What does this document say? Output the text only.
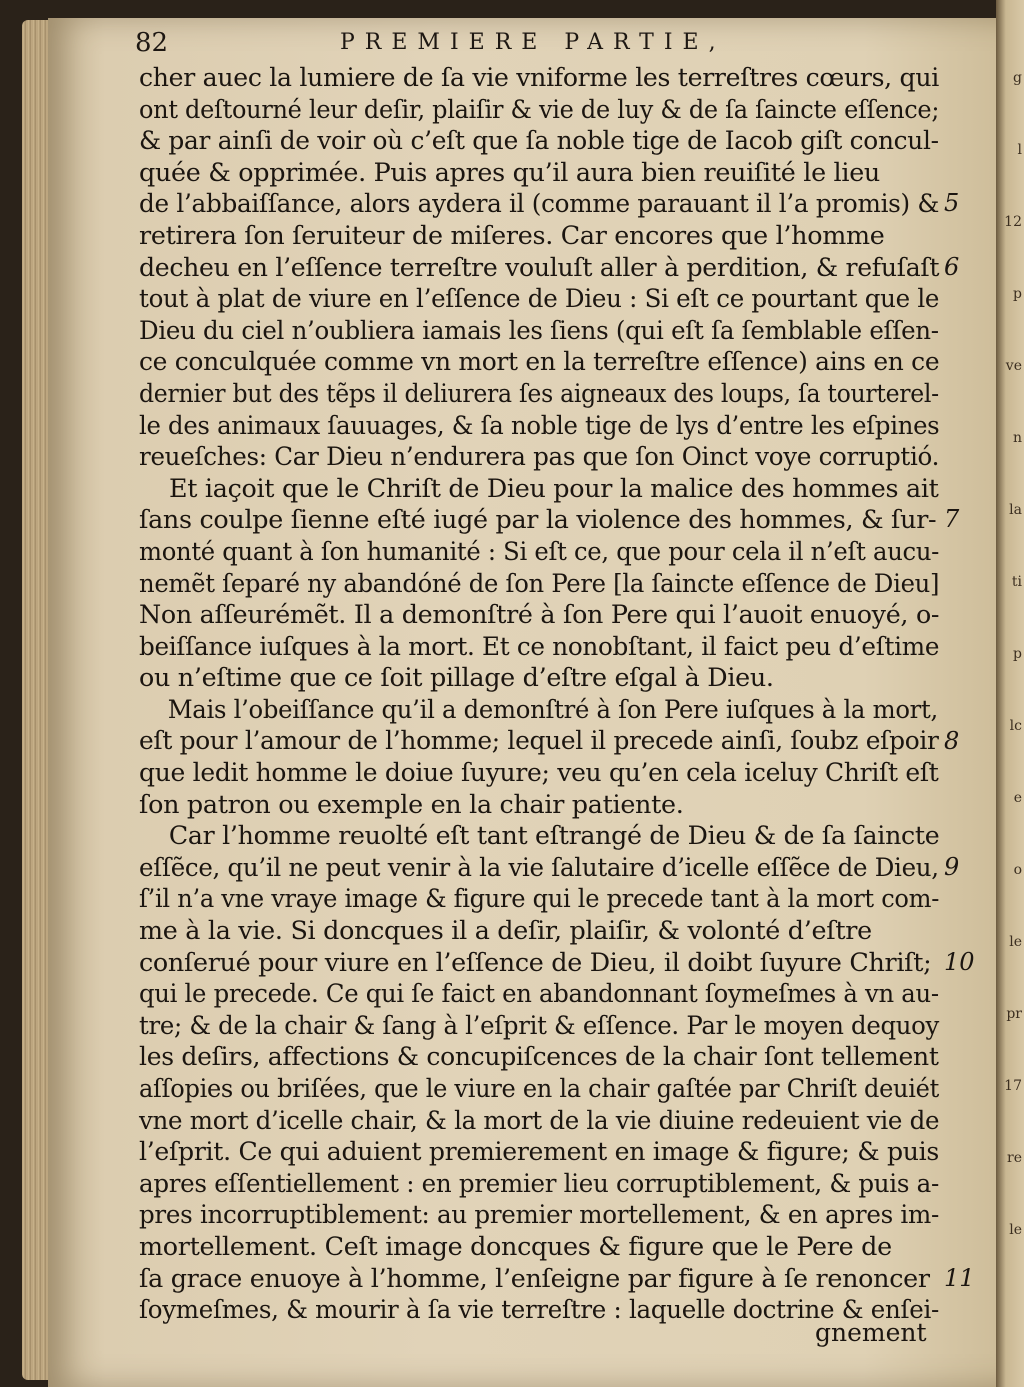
g
l
12
p
ve
n
la
ti
p
lc
e
o
le
pr
17
re
le
82	PREMIERE PARTIE,
cher auec la lumiere de ſa vie vniforme les terreſtres cœurs, qui
ont deſtourné leur deſir, plaiſir & vie de luy & de ſa ſaincte eſſence;
& par ainſi de voir où c’eſt que ſa noble tige de Iacob giſt concul-
quée & opprimée. Puis apres qu’il aura bien reuiſité le lieu
de l’abbaiſſance, alors aydera il (comme parauant il l’a promis) &
retirera ſon ſeruiteur de miſeres. Car encores que l’homme
decheu en l’eſſence terreſtre vouluſt aller à perdition, & refuſaſt
tout à plat de viure en l’eſſence de Dieu : Si eſt ce pourtant que le
Dieu du ciel n’oubliera iamais les ſiens (qui eſt ſa ſemblable eſſen-
ce conculquée comme vn mort en la terreſtre eſſence) ains en ce
dernier but des tẽps il deliurera ſes aigneaux des loups, ſa tourterel-
le des animaux ſauuages, & ſa noble tige de lys d’entre les eſpines
reueſches: Car Dieu n’endurera pas que ſon Oinct voye corruptió.
Et iaçoit que le Chriſt de Dieu pour la malice des hommes ait
ſans coulpe ſienne eſté iugé par la violence des hommes, & ſur-
monté quant à ſon humanité : Si eſt ce, que pour cela il n’eſt aucu-
nemẽt ſeparé ny abandóné de ſon Pere [la ſaincte eſſence de Dieu]
Non aſſeurémẽt. Il a demonſtré à ſon Pere qui l’auoit enuoyé, o-
beiſſance iuſques à la mort. Et ce nonobſtant, il faict peu d’eſtime
ou n’eſtime que ce ſoit pillage d’eſtre eſgal à Dieu.
Mais l’obeiſſance qu’il a demonſtré à ſon Pere iuſques à la mort,
eſt pour l’amour de l’homme; lequel il precede ainſi, ſoubz eſpoir
que ledit homme le doiue ſuyure; veu qu’en cela iceluy Chriſt eſt
ſon patron ou exemple en la chair patiente.
Car l’homme reuolté eſt tant eſtrangé de Dieu & de ſa ſaincte
eſſẽce, qu’il ne peut venir à la vie ſalutaire d’icelle eſſẽce de Dieu,
ſ’il n’a vne vraye image & figure qui le precede tant à la mort com-
me à la vie. Si doncques il a deſir, plaiſir, & volonté d’eſtre
conſerué pour viure en l’eſſence de Dieu, il doibt ſuyure Chriſt;
qui le precede. Ce qui ſe faict en abandonnant ſoymeſmes à vn au-
tre; & de la chair & ſang à l’eſprit & eſſence. Par le moyen dequoy
les deſirs, affections & concupiſcences de la chair ſont tellement
aſſopies ou briſées, que le viure en la chair gaſtée par Chriſt deuiét
vne mort d’icelle chair, & la mort de la vie diuine redeuient vie de
l’eſprit. Ce qui aduient premierement en image & figure; & puis
apres eſſentiellement : en premier lieu corruptiblement, & puis a-
pres incorruptiblement: au premier mortellement, & en apres im-
mortellement. Ceſt image doncques & figure que le Pere de
ſa grace enuoye à l’homme, l’enſeigne par figure à ſe renoncer
ſoymeſmes, & mourir à ſa vie terreſtre : laquelle doctrine & enſei-
5
6
7
8
9
10
11
gnement
